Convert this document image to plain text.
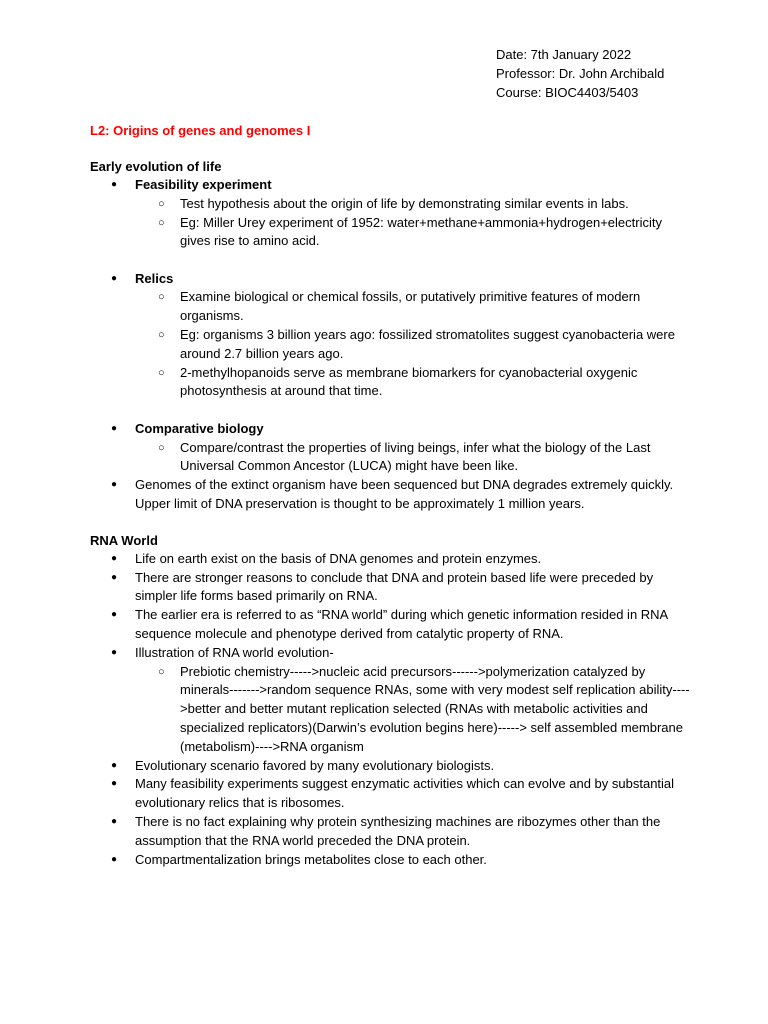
Date: 7th January 2022
Professor: Dr. John Archibald
Course: BIOC4403/5403
L2: Origins of genes and genomes I
Early evolution of life
● Feasibility experiment
○ Test hypothesis about the origin of life by demonstrating similar events in labs.
○ Eg: Miller Urey experiment of 1952: water+methane+ammonia+hydrogen+electricity gives rise to amino acid.
● Relics
○ Examine biological or chemical fossils, or putatively primitive features of modern organisms.
○ Eg: organisms 3 billion years ago: fossilized stromatolites suggest cyanobacteria were around 2.7 billion years ago.
○ 2-methylhopanoids serve as membrane biomarkers for cyanobacterial oxygenic photosynthesis at around that time.
● Comparative biology
○ Compare/contrast the properties of living beings, infer what the biology of the Last Universal Common Ancestor (LUCA) might have been like.
● Genomes of the extinct organism have been sequenced but DNA degrades extremely quickly. Upper limit of DNA preservation is thought to be approximately 1 million years.
RNA World
● Life on earth exist on the basis of DNA genomes and protein enzymes.
● There are stronger reasons to conclude that DNA and protein based life were preceded by simpler life forms based primarily on RNA.
● The earlier era is referred to as “RNA world” during which genetic information resided in RNA sequence molecule and phenotype derived from catalytic property of RNA.
● Illustration of RNA world evolution-
○ Prebiotic chemistry----->nucleic acid precursors------>polymerization catalyzed by minerals------->random sequence RNAs, some with very modest self replication ability---->better and better mutant replication selected (RNAs with metabolic activities and specialized replicators)(Darwin’s evolution begins here)-----> self assembled membrane (metabolism)---->RNA organism
● Evolutionary scenario favored by many evolutionary biologists.
● Many feasibility experiments suggest enzymatic activities which can evolve and by substantial evolutionary relics that is ribosomes.
● There is no fact explaining why protein synthesizing machines are ribozymes other than the assumption that the RNA world preceded the DNA protein.
● Compartmentalization brings metabolites close to each other.
